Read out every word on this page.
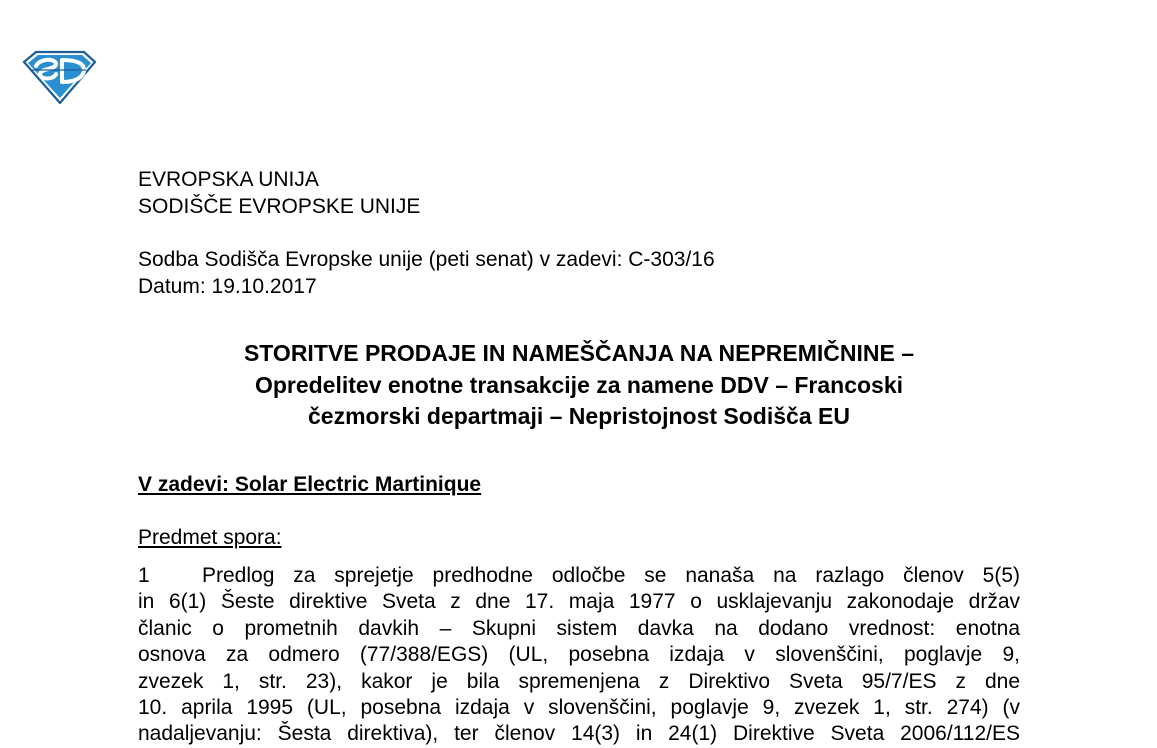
EVROPSKA UNIJA
SODIŠČE EVROPSKE UNIJE
Sodba Sodišča Evropske unije (peti senat) v zadevi: C-303/16
Datum: 19.10.2017
STORITVE PRODAJE IN NAMEŠČANJA NA NEPREMIČNINE –
Opredelitev enotne transakcije za namene DDV – Francoski
čezmorski departmaji – Nepristojnost Sodišča EU
V zadevi: Solar Electric Martinique
Predmet spora:
1 Predlog za sprejetje predhodne odločbe se nanaša na razlago členov 5(5)
in 6(1) Šeste direktive Sveta z dne 17. maja 1977 o usklajevanju zakonodaje držav
članic o prometnih davkih – Skupni sistem davka na dodano vrednost: enotna
osnova za odmero (77/388/EGS) (UL, posebna izdaja v slovenščini, poglavje 9,
zvezek 1, str. 23), kakor je bila spremenjena z Direktivo Sveta 95/7/ES z dne
10. aprila 1995 (UL, posebna izdaja v slovenščini, poglavje 9, zvezek 1, str. 274) (v
nadaljevanju: Šesta direktiva), ter členov 14(3) in 24(1) Direktive Sveta 2006/112/ES
